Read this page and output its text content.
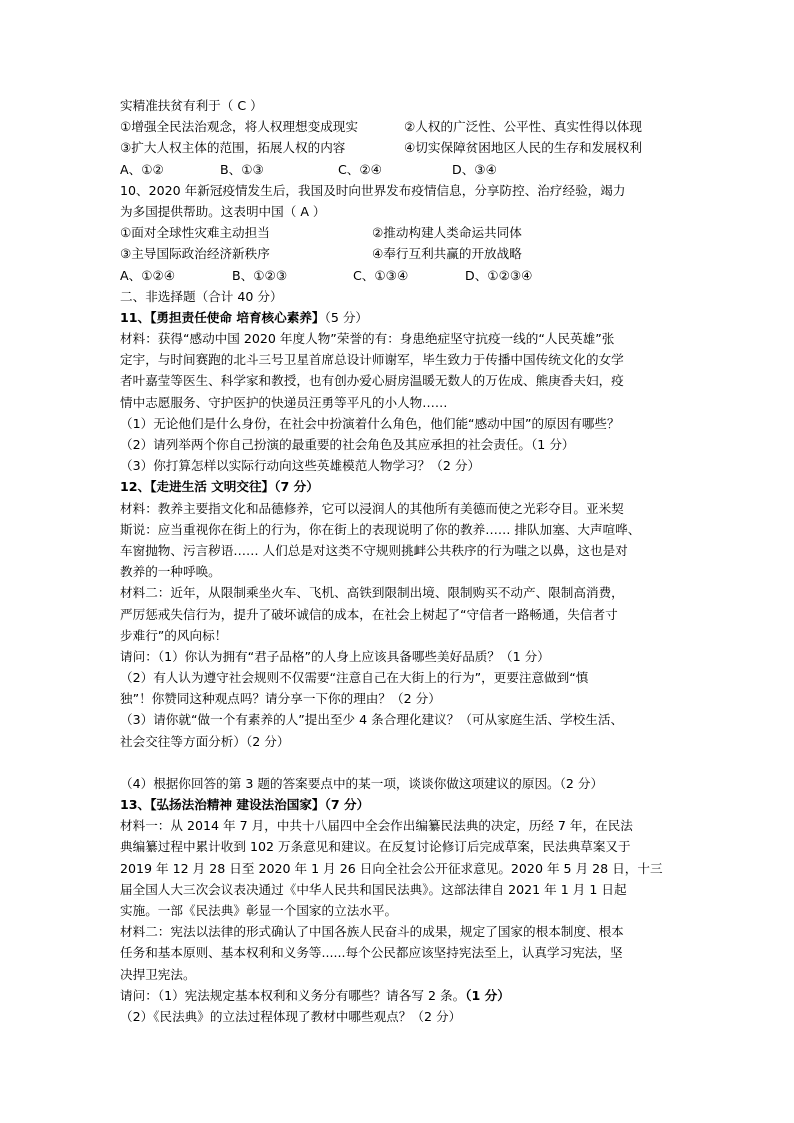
实精准扶贫有利于（ C ）
①增强全民法治观念，将人权理想变成现实	②人权的广泛性、公平性、真实性得以体现
③扩大人权主体的范围，拓展人权的内容	④切实保障贫困地区人民的生存和发展权利
A、①②	B、①③	C、②④	D、③④
10、2020 年新冠疫情发生后，我国及时向世界发布疫情信息，分享防控、治疗经验，竭力
为多国提供帮助。这表明中国（ A ）
①面对全球性灾难主动担当	②推动构建人类命运共同体
③主导国际政治经济新秩序	④奉行互利共赢的开放战略
A、①②④	B、①②③	C、①③④	D、①②③④
二、非选择题（合计 40 分）
11、【勇担责任使命 培育核心素养】（5 分）
材料：获得“感动中国 2020 年度人物”荣誉的有：身患绝症坚守抗疫一线的“人民英雄”张
定宇，与时间赛跑的北斗三号卫星首席总设计师谢军，毕生致力于传播中国传统文化的女学
者叶嘉莹等医生、科学家和教授，也有创办爱心厨房温暖无数人的万佐成、熊庚香夫妇，疫
情中志愿服务、守护医护的快递员汪勇等平凡的小人物……
（1）无论他们是什么身份，在社会中扮演着什么角色，他们能“感动中国”的原因有哪些？
（2）请列举两个你自己扮演的最重要的社会角色及其应承担的社会责任。（1 分）
（3）你打算怎样以实际行动向这些英雄模范人物学习？（2 分）
12、【走进生活 文明交往】（7 分）
材料：教养主要指文化和品德修养，它可以浸润人的其他所有美德而使之光彩夺目。亚米契
斯说：应当重视你在街上的行为，你在街上的表现说明了你的教养…… 排队加塞、大声喧哗、
车窗抛物、污言秽语…… 人们总是对这类不守规则挑衅公共秩序的行为嗤之以鼻，这也是对
教养的一种呼唤。
材料二：近年，从限制乘坐火车、飞机、高铁到限制出境、限制购买不动产、限制高消费，
严厉惩戒失信行为，提升了破坏诚信的成本，在社会上树起了“守信者一路畅通，失信者寸
步难行”的风向标！
请问：（1）你认为拥有“君子品格”的人身上应该具备哪些美好品质？（1 分）
（2）有人认为遵守社会规则不仅需要“注意自己在大街上的行为”，更要注意做到“慎
独”！你赞同这种观点吗？请分享一下你的理由？（2 分）
（3）请你就“做一个有素养的人”提出至少 4 条合理化建议？（可从家庭生活、学校生活、
社会交往等方面分析）（2 分）
（4）根据你回答的第 3 题的答案要点中的某一项，谈谈你做这项建议的原因。（2 分）
13、【弘扬法治精神 建设法治国家】（7 分）
材料一：从 2014 年 7 月，中共十八届四中全会作出编纂民法典的决定，历经 7 年，在民法
典编纂过程中累计收到 102 万条意见和建议。在反复讨论修订后完成草案，民法典草案又于
2019 年 12 月 28 日至 2020 年 1 月 26 日向全社会公开征求意见。2020 年 5 月 28 日，十三
届全国人大三次会议表决通过《中华人民共和国民法典》。这部法律自 2021 年 1 月 1 日起
实施。一部《民法典》彰显一个国家的立法水平。
材料二：宪法以法律的形式确认了中国各族人民奋斗的成果，规定了国家的根本制度、根本
任务和基本原则、基本权利和义务等......每个公民都应该坚持宪法至上，认真学习宪法，坚
决捍卫宪法。
请问：（1）宪法规定基本权利和义务分有哪些？请各写 2 条。（1 分）
（2）《民法典》的立法过程体现了教材中哪些观点？（2 分）
